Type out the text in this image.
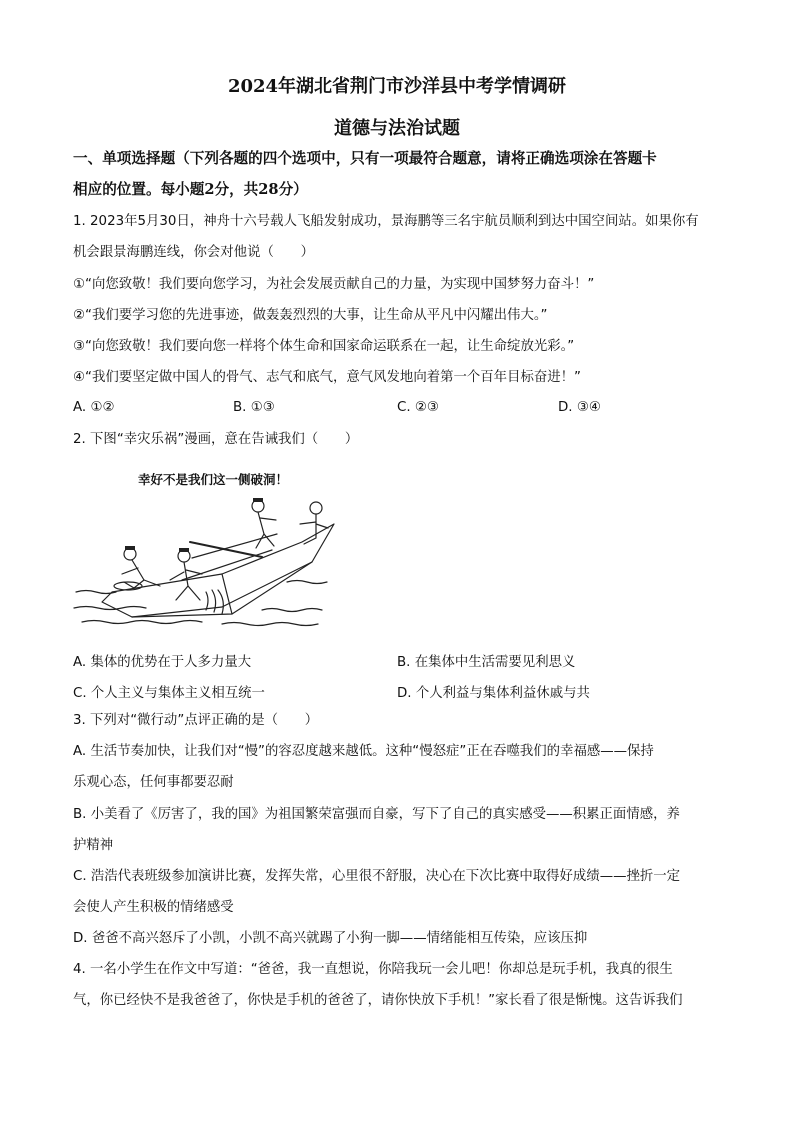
2024年湖北省荆门市沙洋县中考学情调研
道德与法治试题
一、单项选择题（下列各题的四个选项中，只有一项最符合题意，请将正确选项涂在答题卡
相应的位置。每小题2分，共28分）
1. 2023年5月30日，神舟十六号载人飞船发射成功，景海鹏等三名宇航员顺利到达中国空间站。如果你有
机会跟景海鹏连线，你会对他说（　　）
①“向您致敬！我们要向您学习，为社会发展贡献自己的力量，为实现中国梦努力奋斗！”
②“我们要学习您的先进事迹，做轰轰烈烈的大事，让生命从平凡中闪耀出伟大。”
③“向您致敬！我们要向您一样将个体生命和国家命运联系在一起，让生命绽放光彩。”
④“我们要坚定做中国人的骨气、志气和底气，意气风发地向着第一个百年目标奋进！”
A. ①②	B. ①③	C. ②③	D. ③④
2. 下图“幸灾乐祸”漫画，意在告诫我们（　　）
幸好不是我们这一侧破洞！
A. 集体的优势在于人多力量大	B. 在集体中生活需要见利思义
C. 个人主义与集体主义相互统一	D. 个人利益与集体利益休戚与共
3. 下列对“微行动”点评正确的是（　　）
A. 生活节奏加快，让我们对“慢”的容忍度越来越低。这种“慢怒症”正在吞噬我们的幸福感——保持
乐观心态，任何事都要忍耐
B. 小美看了《厉害了，我的国》为祖国繁荣富强而自豪，写下了自己的真实感受——积累正面情感，养
护精神
C. 浩浩代表班级参加演讲比赛，发挥失常，心里很不舒服，决心在下次比赛中取得好成绩——挫折一定
会使人产生积极的情绪感受
D. 爸爸不高兴怒斥了小凯，小凯不高兴就踢了小狗一脚——情绪能相互传染，应该压抑
4. 一名小学生在作文中写道：“爸爸，我一直想说，你陪我玩一会儿吧！你却总是玩手机，我真的很生
气，你已经快不是我爸爸了，你快是手机的爸爸了，请你快放下手机！”家长看了很是惭愧。这告诉我们
